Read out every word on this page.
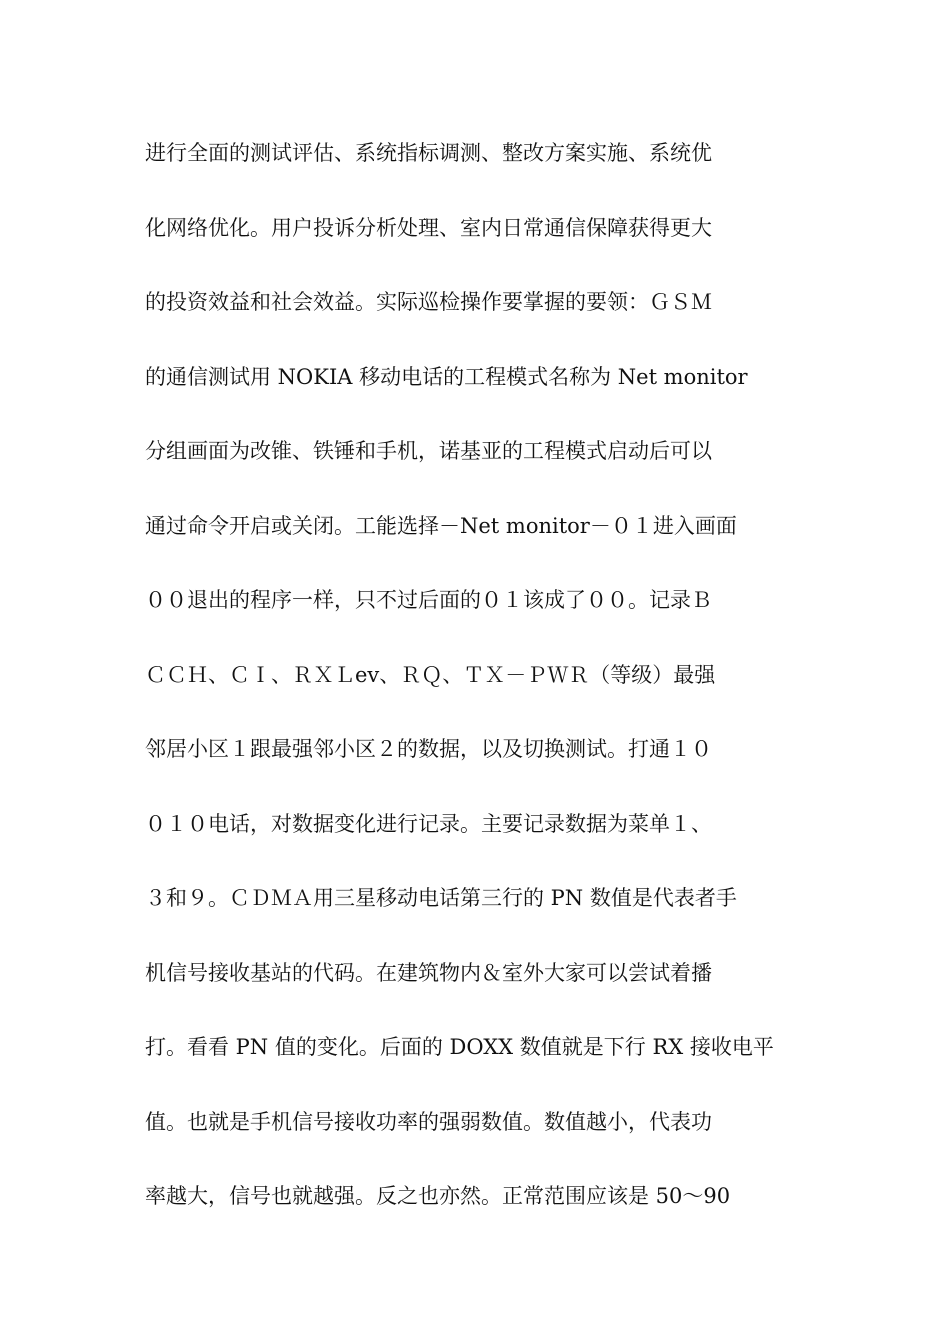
进行全面的测试评估、系统指标调测、整改方案实施、系统优
化网络优化。用户投诉分析处理、室内日常通信保障获得更大
的投资效益和社会效益。实际巡检操作要掌握的要领：ＧＳＭ
的通信测试用 NOKIA 移动电话的工程模式名称为 Net monitor
分组画面为改锥、铁锤和手机，诺基亚的工程模式启动后可以
通过命令开启或关闭。工能选择－Net monitor－０１进入画面
００退出的程序一样，只不过后面的０１该成了００。记录Ｂ
ＣＣＨ、ＣＩ、ＲＸＬev、ＲＱ、ＴＸ－ＰＷＲ（等级）最强
邻居小区１跟最强邻小区２的数据，以及切换测试。打通１０
０１０电话，对数据变化进行记录。主要记录数据为菜单１、
３和９。ＣＤＭＡ用三星移动电话第三行的 PN 数值是代表者手
机信号接收基站的代码。在建筑物内＆室外大家可以尝试着播
打。看看 PN 值的变化。后面的 DOXX 数值就是下行 RX 接收电平
值。也就是手机信号接收功率的强弱数值。数值越小，代表功
率越大，信号也就越强。反之也亦然。正常范围应该是 50～90
